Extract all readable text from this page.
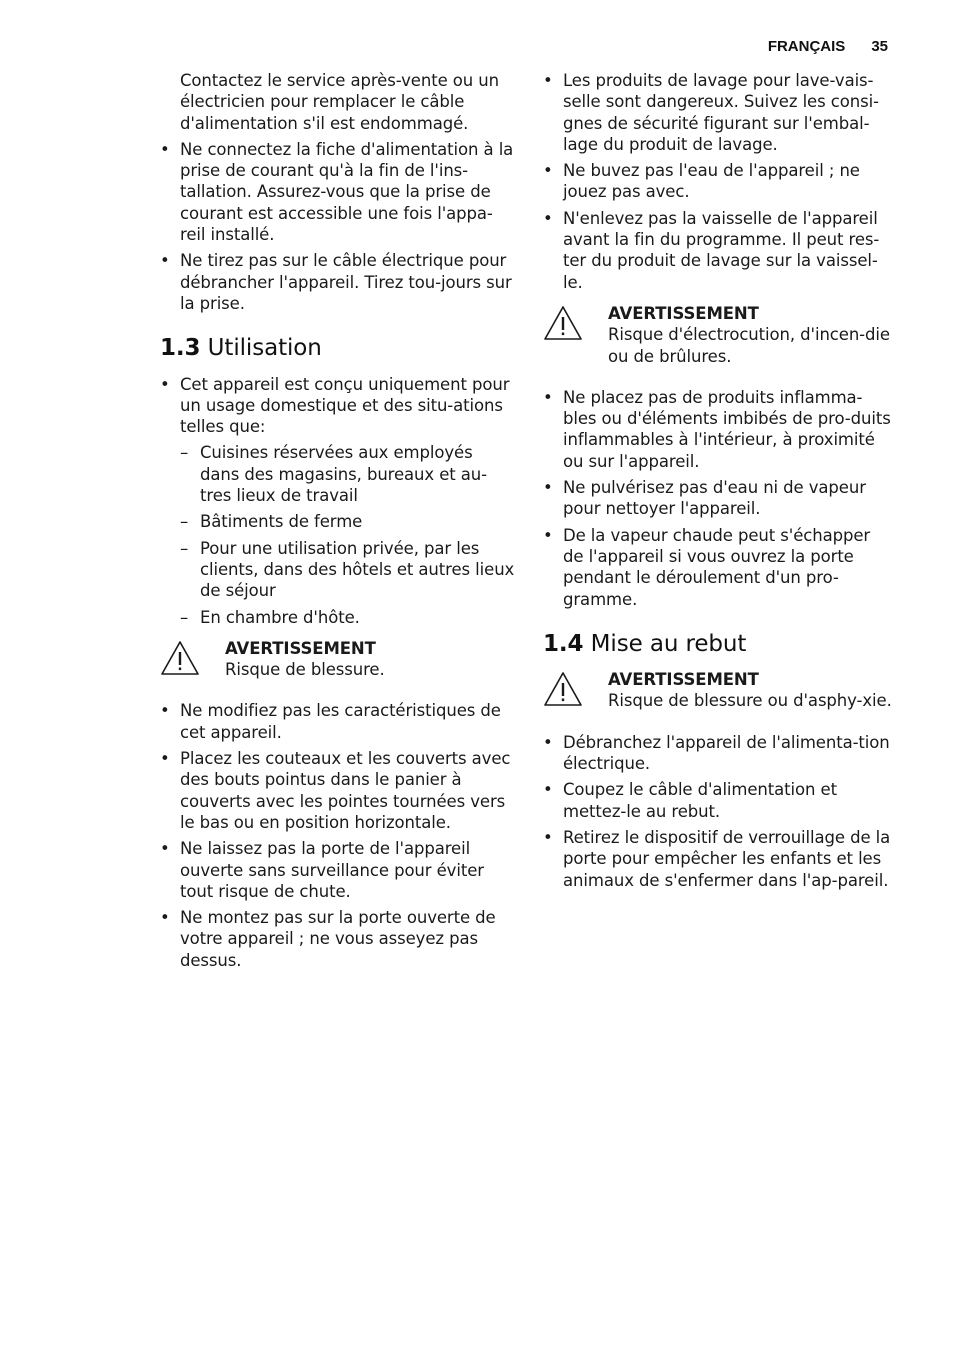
FRANÇAIS 35
Contactez le service après-vente ou un électricien pour remplacer le câble d'alimentation s'il est endommagé.
• Ne connectez la fiche d'alimentation à la prise de courant qu'à la fin de l'ins-tallation. Assurez-vous que la prise de courant est accessible une fois l'appa-reil installé.
• Ne tirez pas sur le câble électrique pour débrancher l'appareil. Tirez tou-jours sur la prise.
1.3 Utilisation
• Cet appareil est conçu uniquement pour un usage domestique et des situ-ations telles que:
– Cuisines réservées aux employés dans des magasins, bureaux et au-tres lieux de travail
– Bâtiments de ferme
– Pour une utilisation privée, par les clients, dans des hôtels et autres lieux de séjour
– En chambre d'hôte.
AVERTISSEMENT
Risque de blessure.
• Ne modifiez pas les caractéristiques de cet appareil.
• Placez les couteaux et les couverts avec des bouts pointus dans le panier à couverts avec les pointes tournées vers le bas ou en position horizontale.
• Ne laissez pas la porte de l'appareil ouverte sans surveillance pour éviter tout risque de chute.
• Ne montez pas sur la porte ouverte de votre appareil ; ne vous asseyez pas dessus.
• Les produits de lavage pour lave-vais-selle sont dangereux. Suivez les consi-gnes de sécurité figurant sur l'embal-lage du produit de lavage.
• Ne buvez pas l'eau de l'appareil ; ne jouez pas avec.
• N'enlevez pas la vaisselle de l'appareil avant la fin du programme. Il peut res-ter du produit de lavage sur la vaissel-le.
AVERTISSEMENT
Risque d'électrocution, d'incen-die ou de brûlures.
• Ne placez pas de produits inflamma-bles ou d'éléments imbibés de pro-duits inflammables à l'intérieur, à proximité ou sur l'appareil.
• Ne pulvérisez pas d'eau ni de vapeur pour nettoyer l'appareil.
• De la vapeur chaude peut s'échapper de l'appareil si vous ouvrez la porte pendant le déroulement d'un pro-gramme.
1.4 Mise au rebut
AVERTISSEMENT
Risque de blessure ou d'asphy-xie.
• Débranchez l'appareil de l'alimenta-tion électrique.
• Coupez le câble d'alimentation et mettez-le au rebut.
• Retirez le dispositif de verrouillage de la porte pour empêcher les enfants et les animaux de s'enfermer dans l'ap-pareil.
